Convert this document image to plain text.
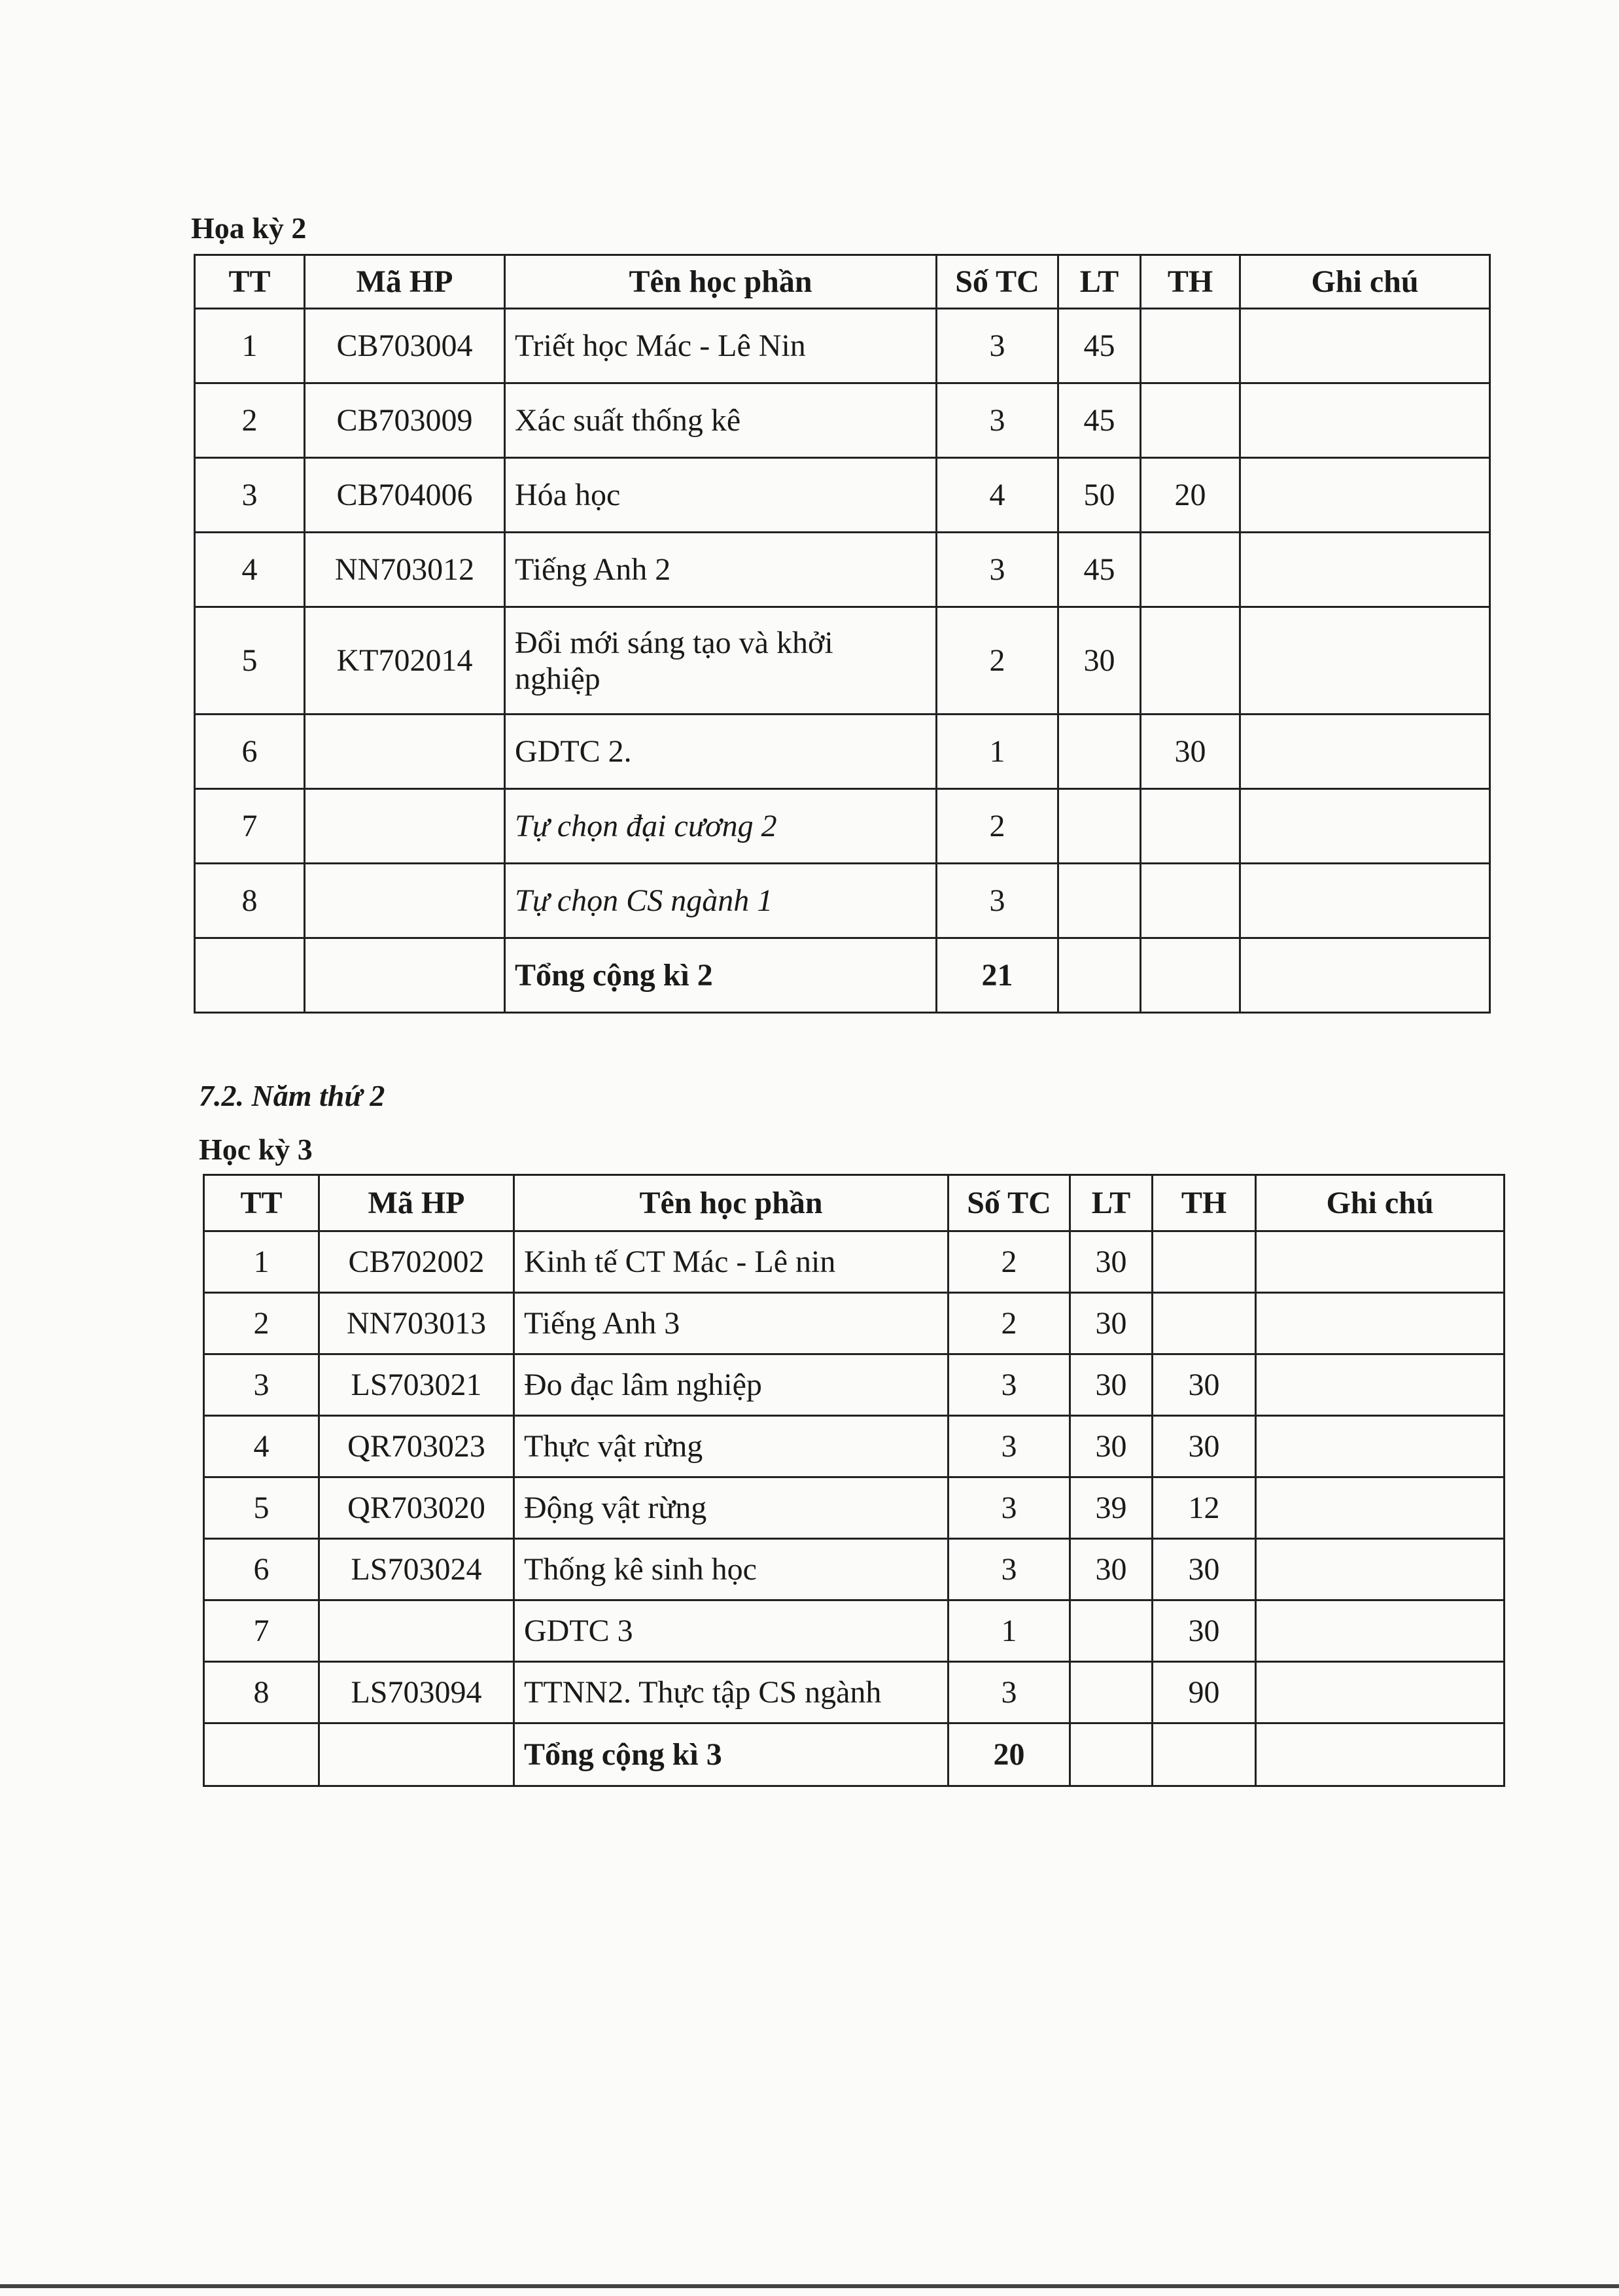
Họa kỳ 2
TT	Mã HP	Tên học phần	Số TC	LT	TH	Ghi chú
1	CB703004	Triết học Mác - Lê Nin	3	45		
2	CB703009	Xác suất thống kê	3	45		
3	CB704006	Hóa học	4	50	20	
4	NN703012	Tiếng Anh 2	3	45		
5	KT702014	Đổi mới sáng tạo và khởi nghiệp	2	30		
6		GDTC 2.	1		30	
7		Tự chọn đại cương 2	2			
8		Tự chọn CS ngành 1	3			
		Tổng cộng kì 2	21			
7.2. Năm thứ 2
Học kỳ 3
TT	Mã HP	Tên học phần	Số TC	LT	TH	Ghi chú
1	CB702002	Kinh tế CT Mác - Lê nin	2	30		
2	NN703013	Tiếng Anh 3	2	30		
3	LS703021	Đo đạc lâm nghiệp	3	30	30	
4	QR703023	Thực vật rừng	3	30	30	
5	QR703020	Động vật rừng	3	39	12	
6	LS703024	Thống kê sinh học	3	30	30	
7		GDTC 3	1		30	
8	LS703094	TTNN2. Thực tập CS ngành	3		90	
		Tổng cộng kì 3	20			
